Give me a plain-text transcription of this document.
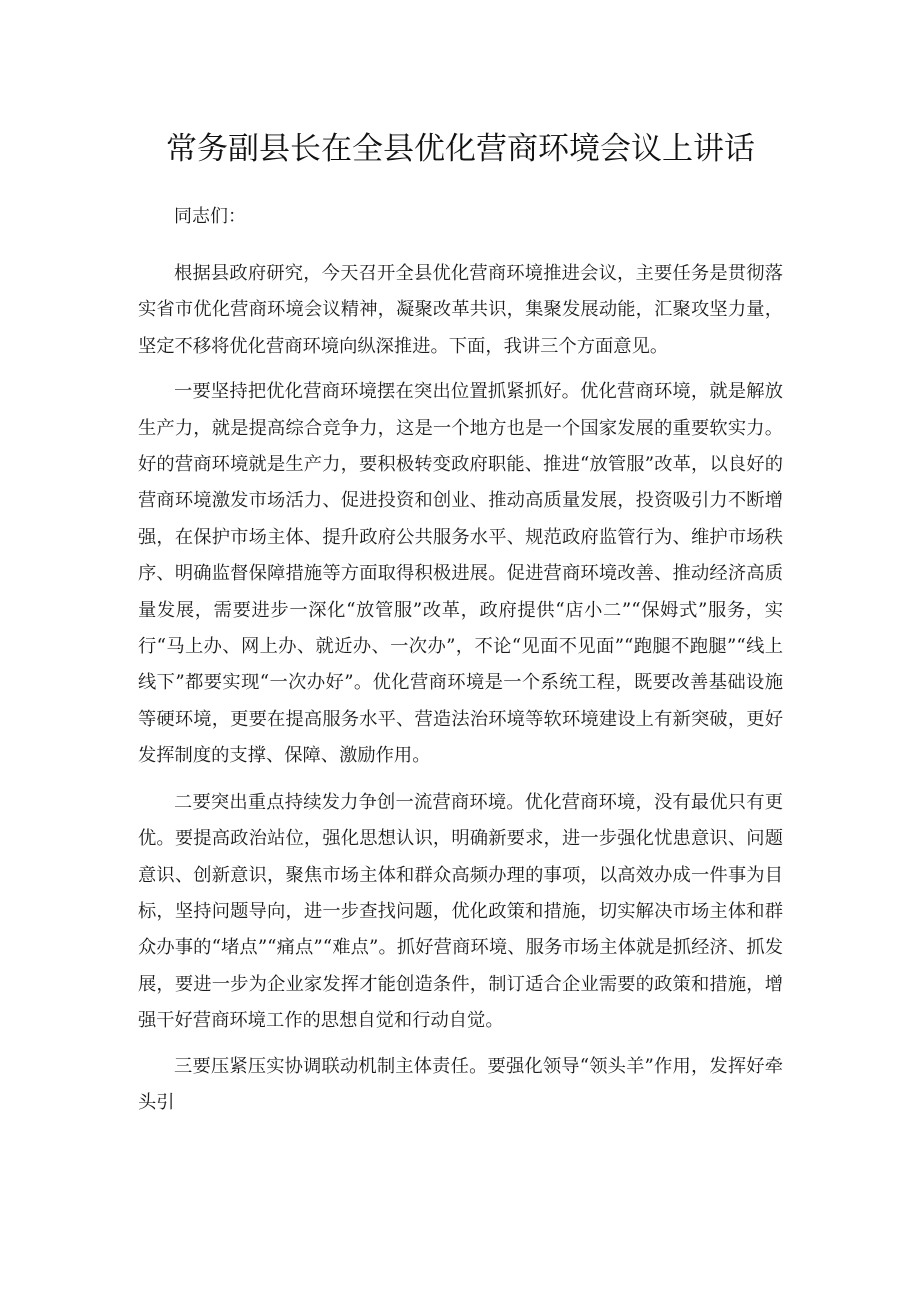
常务副县长在全县优化营商环境会议上讲话

同志们：

根据县政府研究，今天召开全县优化营商环境推进会议，主要任务是贯彻落实省市优化营商环境会议精神，凝聚改革共识，集聚发展动能，汇聚攻坚力量，坚定不移将优化营商环境向纵深推进。下面，我讲三个方面意见。

一要坚持把优化营商环境摆在突出位置抓紧抓好。优化营商环境，就是解放生产力，就是提高综合竞争力，这是一个地方也是一个国家发展的重要软实力。好的营商环境就是生产力，要积极转变政府职能、推进“放管服”改革，以良好的营商环境激发市场活力、促进投资和创业、推动高质量发展，投资吸引力不断增强，在保护市场主体、提升政府公共服务水平、规范政府监管行为、维护市场秩序、明确监督保障措施等方面取得积极进展。促进营商环境改善、推动经济高质量发展，需要进步一深化“放管服”改革，政府提供“店小二”“保姆式”服务，实行“马上办、网上办、就近办、一次办”，不论“见面不见面”“跑腿不跑腿”“线上线下”都要实现“一次办好”。优化营商环境是一个系统工程，既要改善基础设施等硬环境，更要在提高服务水平、营造法治环境等软环境建设上有新突破，更好发挥制度的支撑、保障、激励作用。

二要突出重点持续发力争创一流营商环境。优化营商环境，没有最优只有更优。要提高政治站位，强化思想认识，明确新要求，进一步强化忧患意识、问题意识、创新意识，聚焦市场主体和群众高频办理的事项，以高效办成一件事为目标，坚持问题导向，进一步查找问题，优化政策和措施，切实解决市场主体和群众办事的“堵点”“痛点”“难点”。抓好营商环境、服务市场主体就是抓经济、抓发展，要进一步为企业家发挥才能创造条件，制订适合企业需要的政策和措施，增强干好营商环境工作的思想自觉和行动自觉。

三要压紧压实协调联动机制主体责任。要强化领导“领头羊”作用，发挥好牵头引
